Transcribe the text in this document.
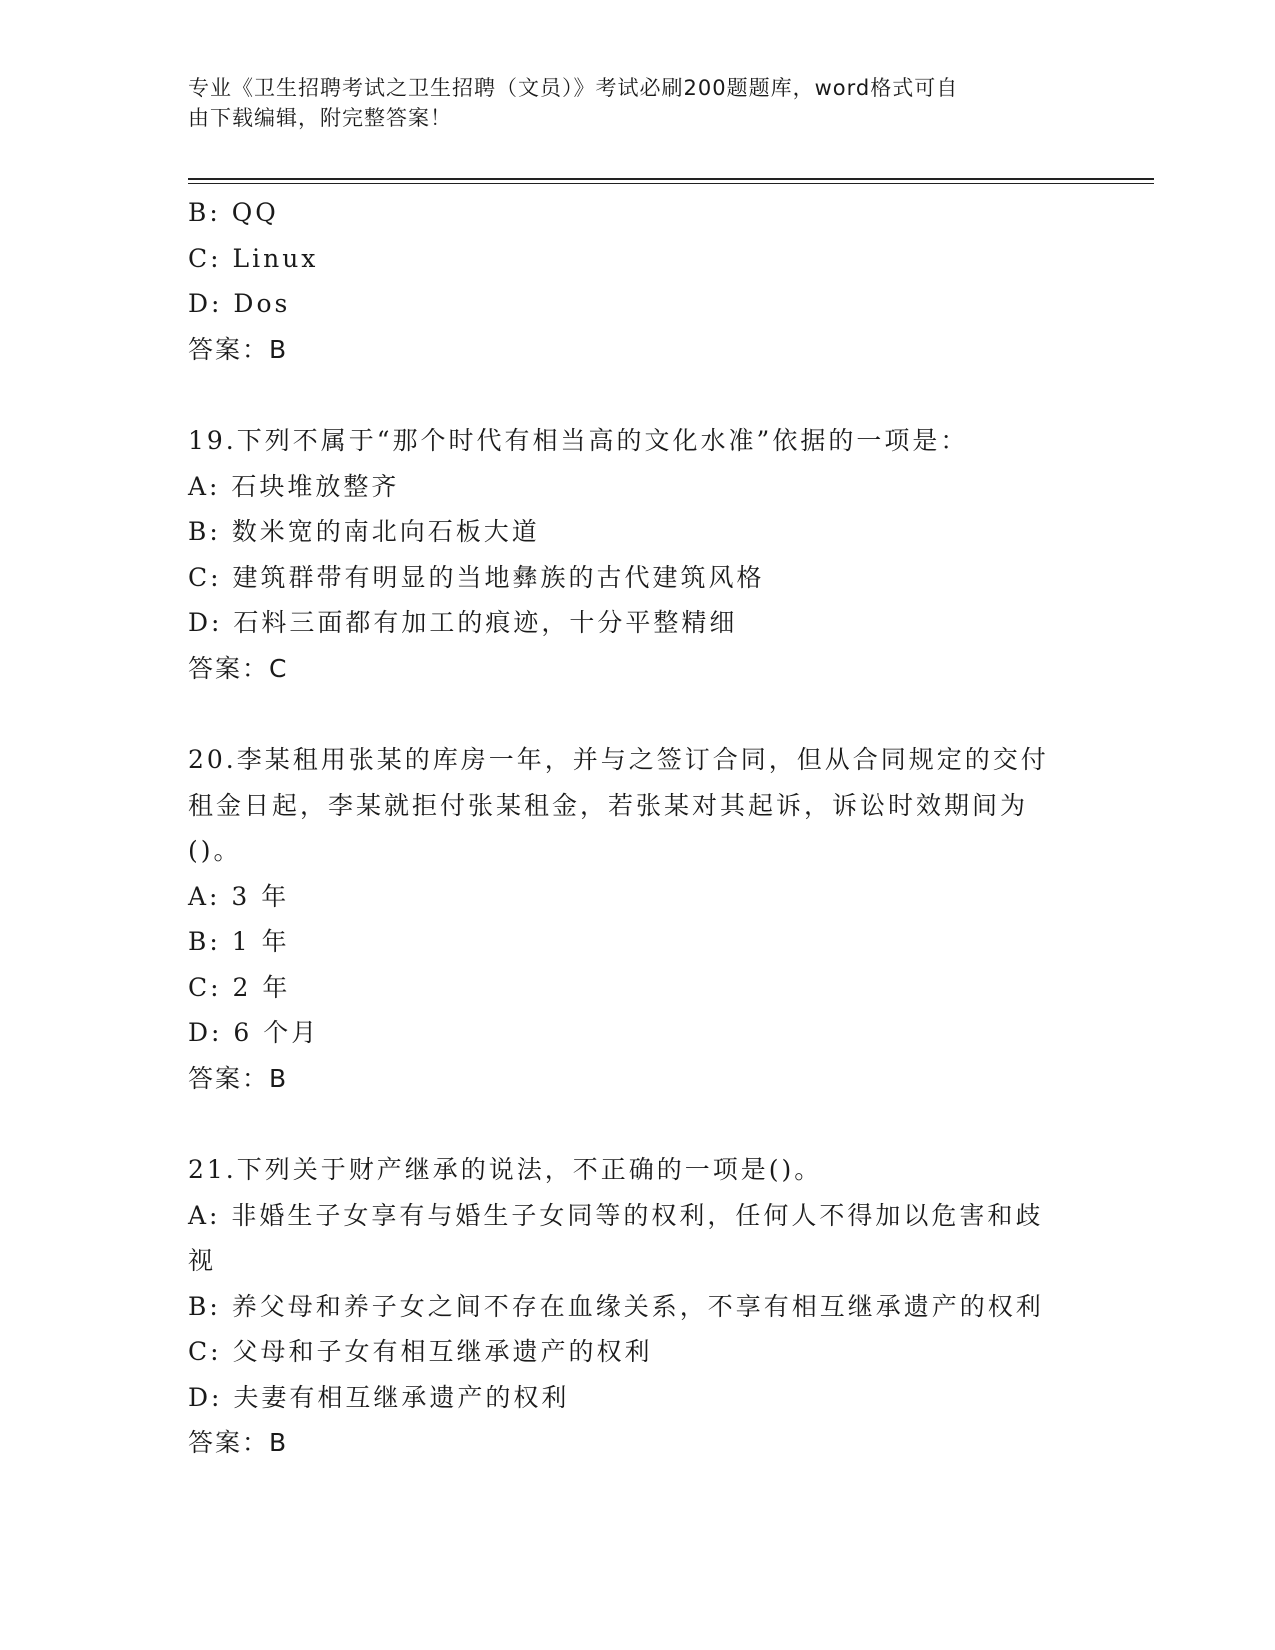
专业《卫生招聘考试之卫生招聘（文员）》考试必刷200题题库，word格式可自
由下载编辑，附完整答案！
B: QQ
C: Linux
D: Dos
答案：B
19.下列不属于“那个时代有相当高的文化水准”依据的一项是：
A: 石块堆放整齐
B: 数米宽的南北向石板大道
C: 建筑群带有明显的当地彝族的古代建筑风格
D: 石料三面都有加工的痕迹，十分平整精细
答案：C
20.李某租用张某的库房一年，并与之签订合同，但从合同规定的交付
租金日起，李某就拒付张某租金，若张某对其起诉，诉讼时效期间为
()。
A: 3 年
B: 1 年
C: 2 年
D: 6 个月
答案：B
21.下列关于财产继承的说法，不正确的一项是()。
A: 非婚生子女享有与婚生子女同等的权利，任何人不得加以危害和歧
视
B: 养父母和养子女之间不存在血缘关系，不享有相互继承遗产的权利
C: 父母和子女有相互继承遗产的权利
D: 夫妻有相互继承遗产的权利
答案：B
